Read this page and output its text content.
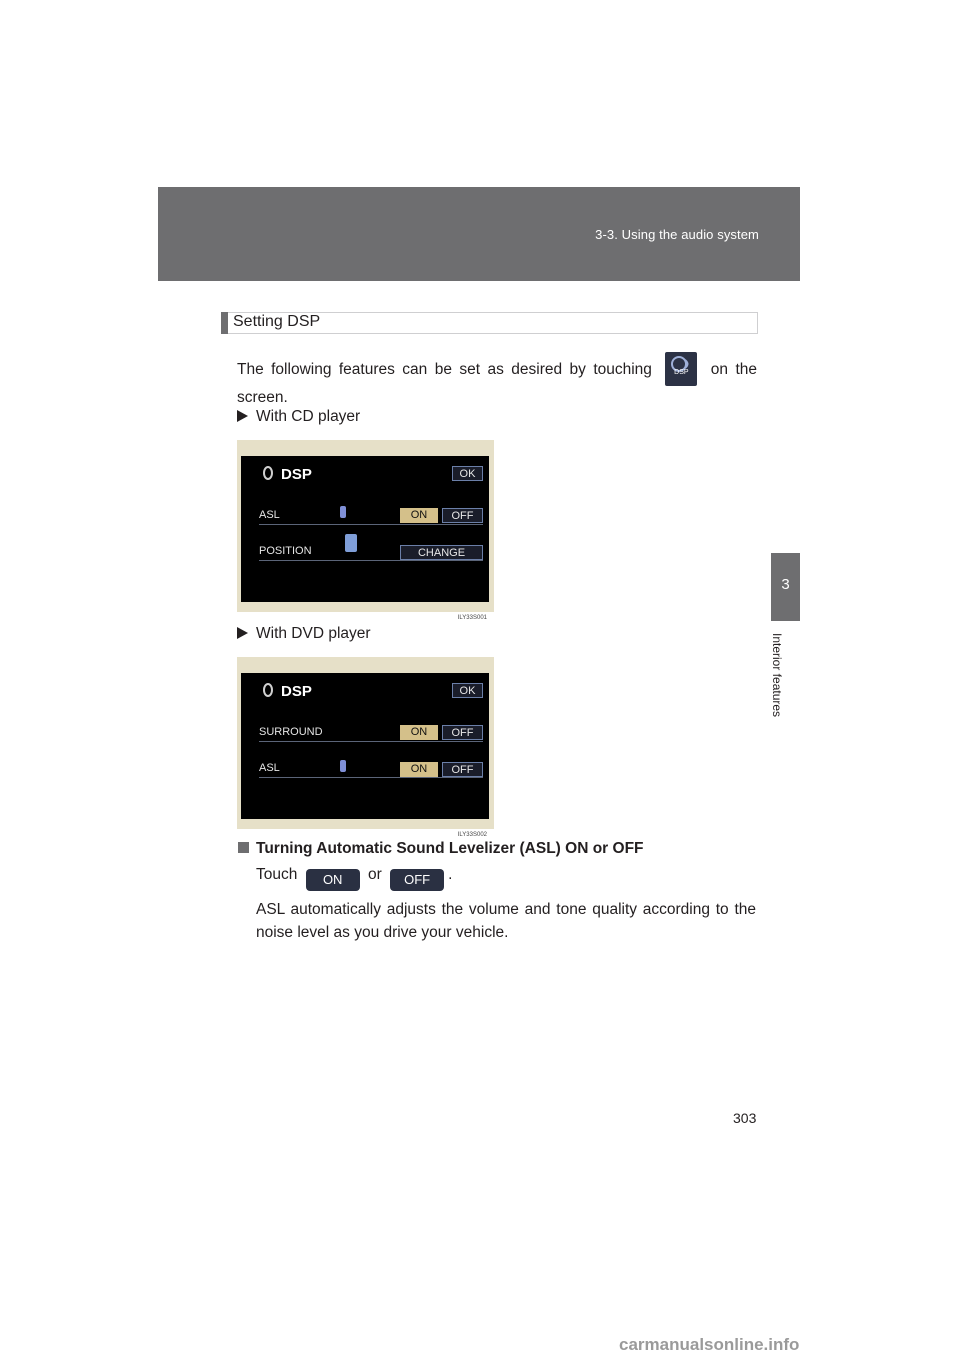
3-3. Using the audio system
3
Interior features
Setting DSP
The following features can be set as desired by touching	DSP	on the screen.
With CD player
DSP	OK
ASL	ON	OFF
POSITION	CHANGE
ILY33S001
With DVD player
DSP	OK
SURROUND	ON	OFF
ASL	ON	OFF
ILY33S002
Turning Automatic Sound Levelizer (ASL) ON or OFF
Touch ON or OFF .
ASL automatically adjusts the volume and tone quality according to the noise level as you drive your vehicle.
303
carmanualsonline.info
